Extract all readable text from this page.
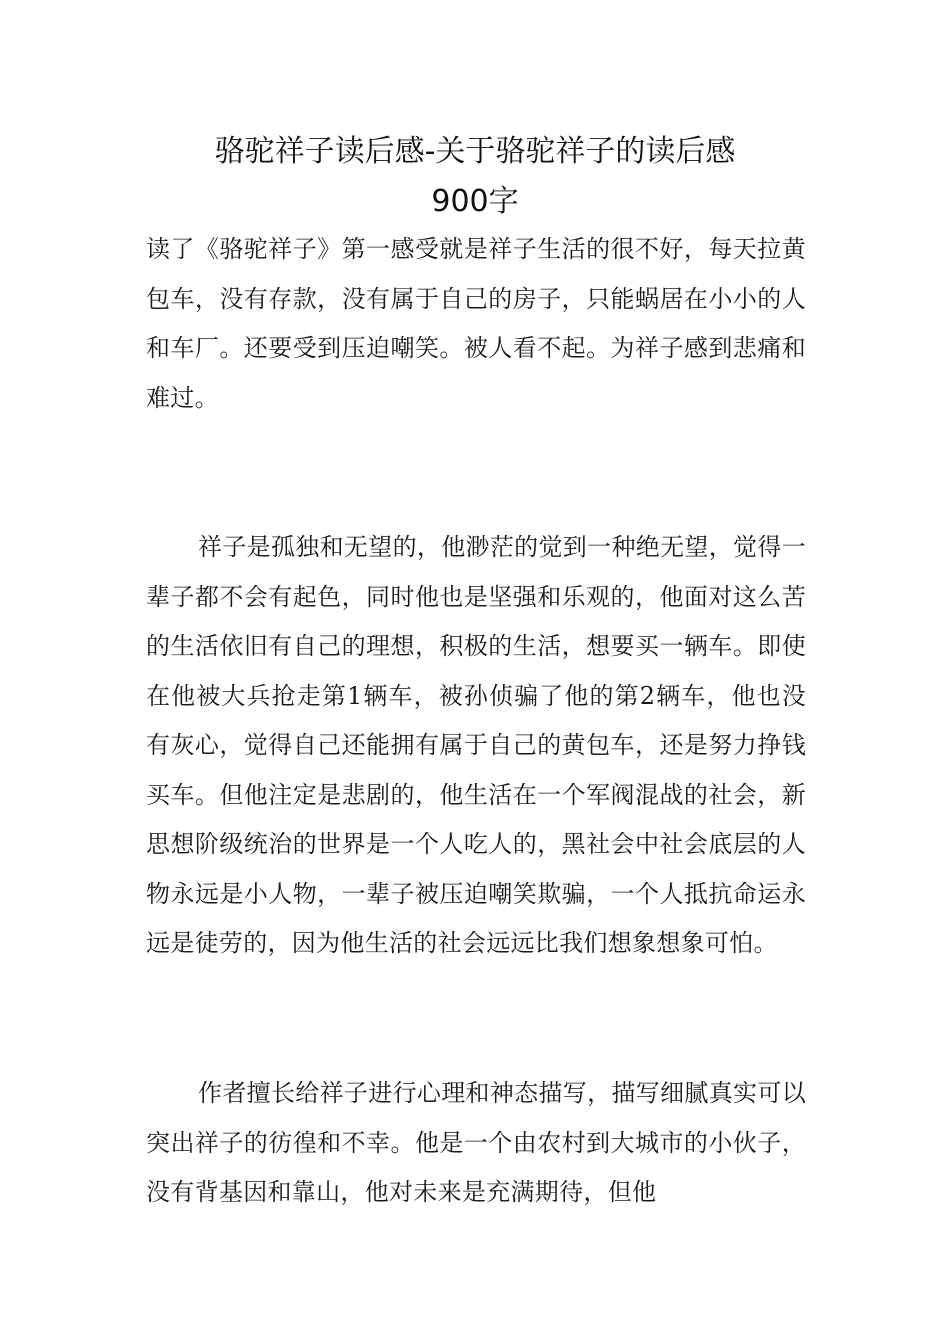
骆驼祥子读后感-关于骆驼祥子的读后感
900字

读了《骆驼祥子》第一感受就是祥子生活的很不好，每天拉黄包车，没有存款，没有属于自己的房子，只能蜗居在小小的人和车厂。还要受到压迫嘲笑。被人看不起。为祥子感到悲痛和难过。

祥子是孤独和无望的，他渺茫的觉到一种绝无望，觉得一辈子都不会有起色，同时他也是坚强和乐观的，他面对这么苦的生活依旧有自己的理想，积极的生活，想要买一辆车。即使在他被大兵抢走第1辆车，被孙侦骗了他的第2辆车，他也没有灰心，觉得自己还能拥有属于自己的黄包车，还是努力挣钱买车。但他注定是悲剧的，他生活在一个军阀混战的社会，新思想阶级统治的世界是一个人吃人的，黑社会中社会底层的人物永远是小人物，一辈子被压迫嘲笑欺骗，一个人抵抗命运永远是徒劳的，因为他生活的社会远远比我们想象想象可怕。

作者擅长给祥子进行心理和神态描写，描写细腻真实可以突出祥子的彷徨和不幸。他是一个由农村到大城市的小伙子，没有背基因和靠山，他对未来是充满期待，但他
